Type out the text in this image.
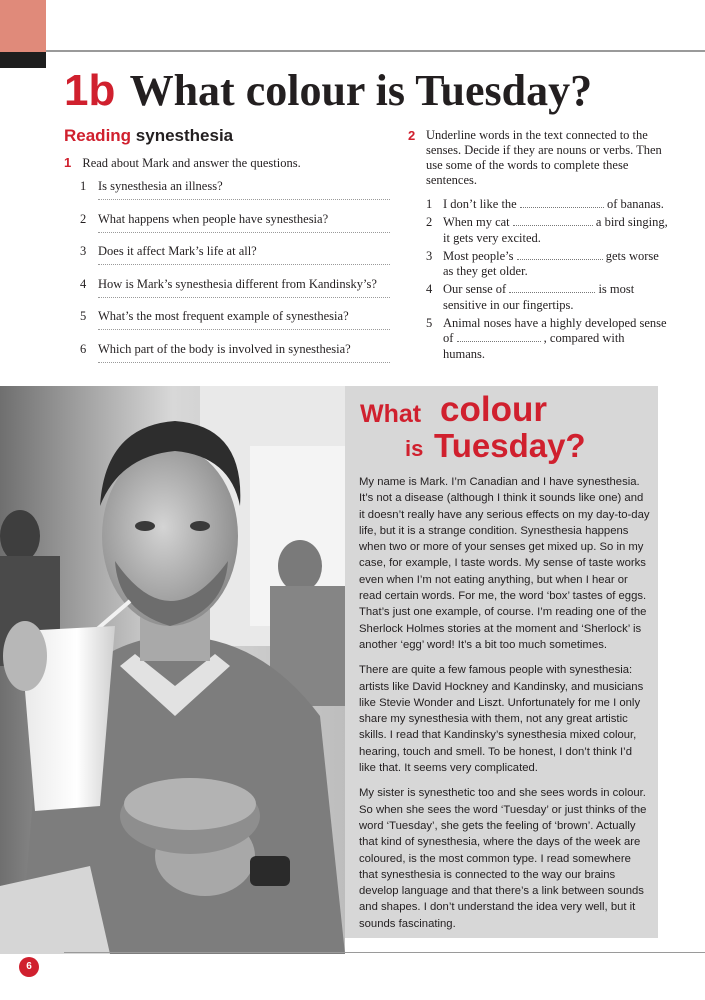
1b What colour is Tuesday?
Reading synesthesia
1 Read about Mark and answer the questions.
1 Is synesthesia an illness?
2 What happens when people have synesthesia?
3 Does it affect Mark’s life at all?
4 How is Mark’s synesthesia different from Kandinsky’s?
5 What’s the most frequent example of synesthesia?
6 Which part of the body is involved in synesthesia?
2 Underline words in the text connected to the senses. Decide if they are nouns or verbs. Then use some of the words to complete these sentences.
1 I don’t like the	of bananas.
2 When my cat	a bird singing, it gets very excited.
3 Most people’s	gets worse as they get older.
4 Our sense of	is most sensitive in our fingertips.
5 Animal noses have a highly developed sense of	, compared with humans.
What colour
is Tuesday?

My name is Mark. I’m Canadian and I have synesthesia. It’s not a disease (although I think it sounds like one) and it doesn’t really have any serious effects on my day-to-day life, but it is a strange condition. Synesthesia happens when two or more of your senses get mixed up. So in my case, for example, I taste words. My sense of taste works even when I’m not eating anything, but when I hear or read certain words. For me, the word ‘box’ tastes of eggs. That’s just one example, of course. I’m reading one of the Sherlock Holmes stories at the moment and ‘Sherlock’ is another ‘egg’ word! It’s a bit too much sometimes.

There are quite a few famous people with synesthesia: artists like David Hockney and Kandinsky, and musicians like Stevie Wonder and Liszt. Unfortunately for me I only share my synesthesia with them, not any great artistic skills. I read that Kandinsky’s synesthesia mixed colour, hearing, touch and smell. To be honest, I don’t think I’d like that. It seems very complicated.

My sister is synesthetic too and she sees words in colour. So when she sees the word ‘Tuesday’ or just thinks of the word ‘Tuesday’, she gets the feeling of ‘brown’. Actually that kind of synesthesia, where the days of the week are coloured, is the most common type. I read somewhere that synesthesia is connected to the way our brains develop language and that there’s a link between sounds and shapes. I don’t understand the idea very well, but it sounds fascinating.

6
